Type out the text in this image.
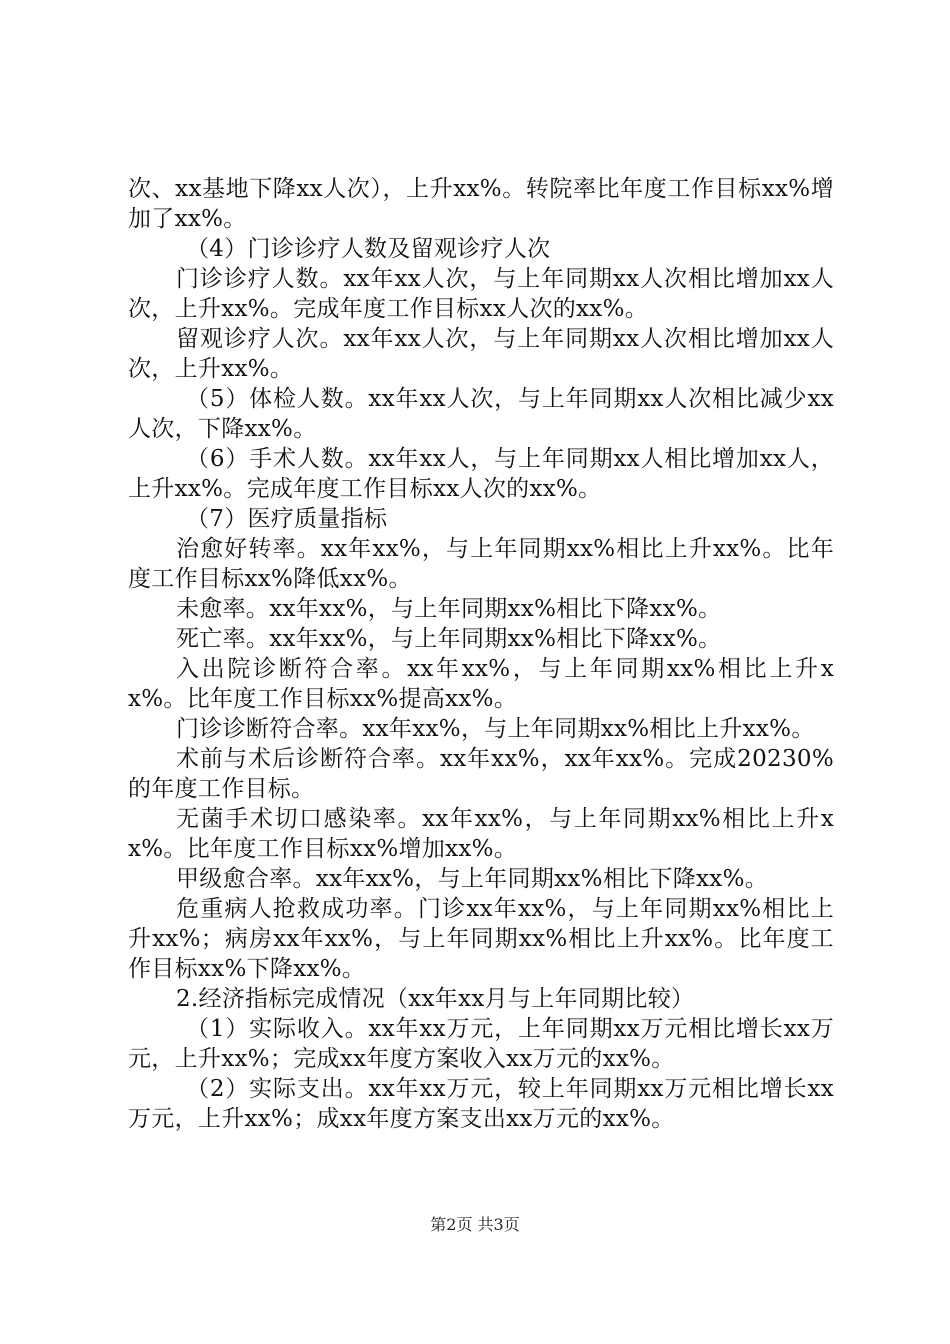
次、xx基地下降xx人次），上升xx%。转院率比年度工作目标xx%增加了xx%。

（4）门诊诊疗人数及留观诊疗人次

门诊诊疗人数。xx年xx人次，与上年同期xx人次相比增加xx人次，上升xx%。完成年度工作目标xx人次的xx%。

留观诊疗人次。xx年xx人次，与上年同期xx人次相比增加xx人次，上升xx%。

（5）体检人数。xx年xx人次，与上年同期xx人次相比减少xx人次，下降xx%。

（6）手术人数。xx年xx人，与上年同期xx人相比增加xx人，上升xx%。完成年度工作目标xx人次的xx%。

（7）医疗质量指标

治愈好转率。xx年xx%，与上年同期xx%相比上升xx%。比年度工作目标xx%降低xx%。

未愈率。xx年xx%，与上年同期xx%相比下降xx%。

死亡率。xx年xx%，与上年同期xx%相比下降xx%。

入出院诊断符合率。xx年xx%，与上年同期xx%相比上升xx%。比年度工作目标xx%提高xx%。

门诊诊断符合率。xx年xx%，与上年同期xx%相比上升xx%。

术前与术后诊断符合率。xx年xx%，xx年xx%。完成20230%的年度工作目标。

无菌手术切口感染率。xx年xx%，与上年同期xx%相比上升xx%。比年度工作目标xx%增加xx%。

甲级愈合率。xx年xx%，与上年同期xx%相比下降xx%。

危重病人抢救成功率。门诊xx年xx%，与上年同期xx%相比上升xx%；病房xx年xx%，与上年同期xx%相比上升xx%。比年度工作目标xx%下降xx%。

2.经济指标完成情况（xx年xx月与上年同期比较）

（1）实际收入。xx年xx万元，上年同期xx万元相比增长xx万元，上升xx%；完成xx年度方案收入xx万元的xx%。

（2）实际支出。xx年xx万元，较上年同期xx万元相比增长xx万元，上升xx%；成xx年度方案支出xx万元的xx%。

第2页 共3页
